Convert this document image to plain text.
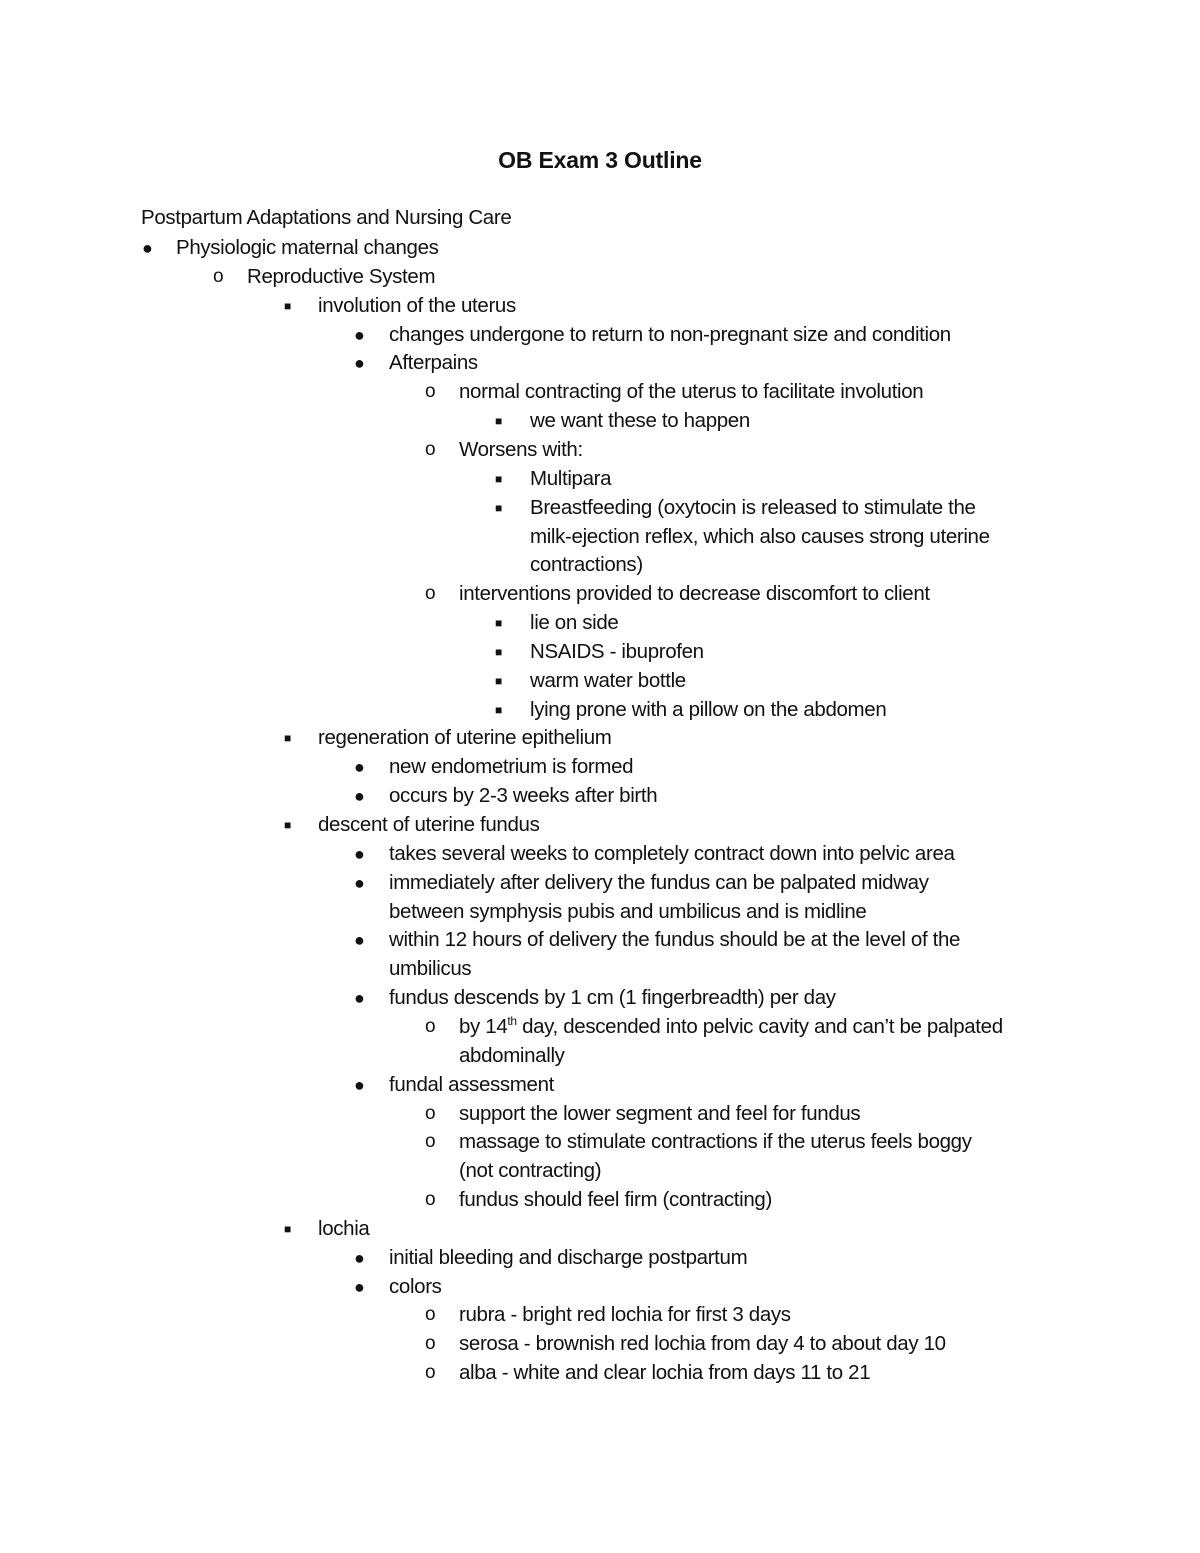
OB Exam 3 Outline
Postpartum Adaptations and Nursing Care
● Physiologic maternal changes
o Reproductive System
■ involution of the uterus
● changes undergone to return to non-pregnant size and condition
● Afterpains
o normal contracting of the uterus to facilitate involution
■ we want these to happen
o Worsens with:
■ Multipara
■ Breastfeeding (oxytocin is released to stimulate the
milk-ejection reflex, which also causes strong uterine
contractions)
o interventions provided to decrease discomfort to client
■ lie on side
■ NSAIDS - ibuprofen
■ warm water bottle
■ lying prone with a pillow on the abdomen
■ regeneration of uterine epithelium
● new endometrium is formed
● occurs by 2-3 weeks after birth
■ descent of uterine fundus
● takes several weeks to completely contract down into pelvic area
● immediately after delivery the fundus can be palpated midway
between symphysis pubis and umbilicus and is midline
● within 12 hours of delivery the fundus should be at the level of the
umbilicus
● fundus descends by 1 cm (1 fingerbreadth) per day
o by 14th day, descended into pelvic cavity and can’t be palpated
abdominally
● fundal assessment
o support the lower segment and feel for fundus
o massage to stimulate contractions if the uterus feels boggy
(not contracting)
o fundus should feel firm (contracting)
■ lochia
● initial bleeding and discharge postpartum
● colors
o rubra - bright red lochia for first 3 days
o serosa - brownish red lochia from day 4 to about day 10
o alba - white and clear lochia from days 11 to 21
